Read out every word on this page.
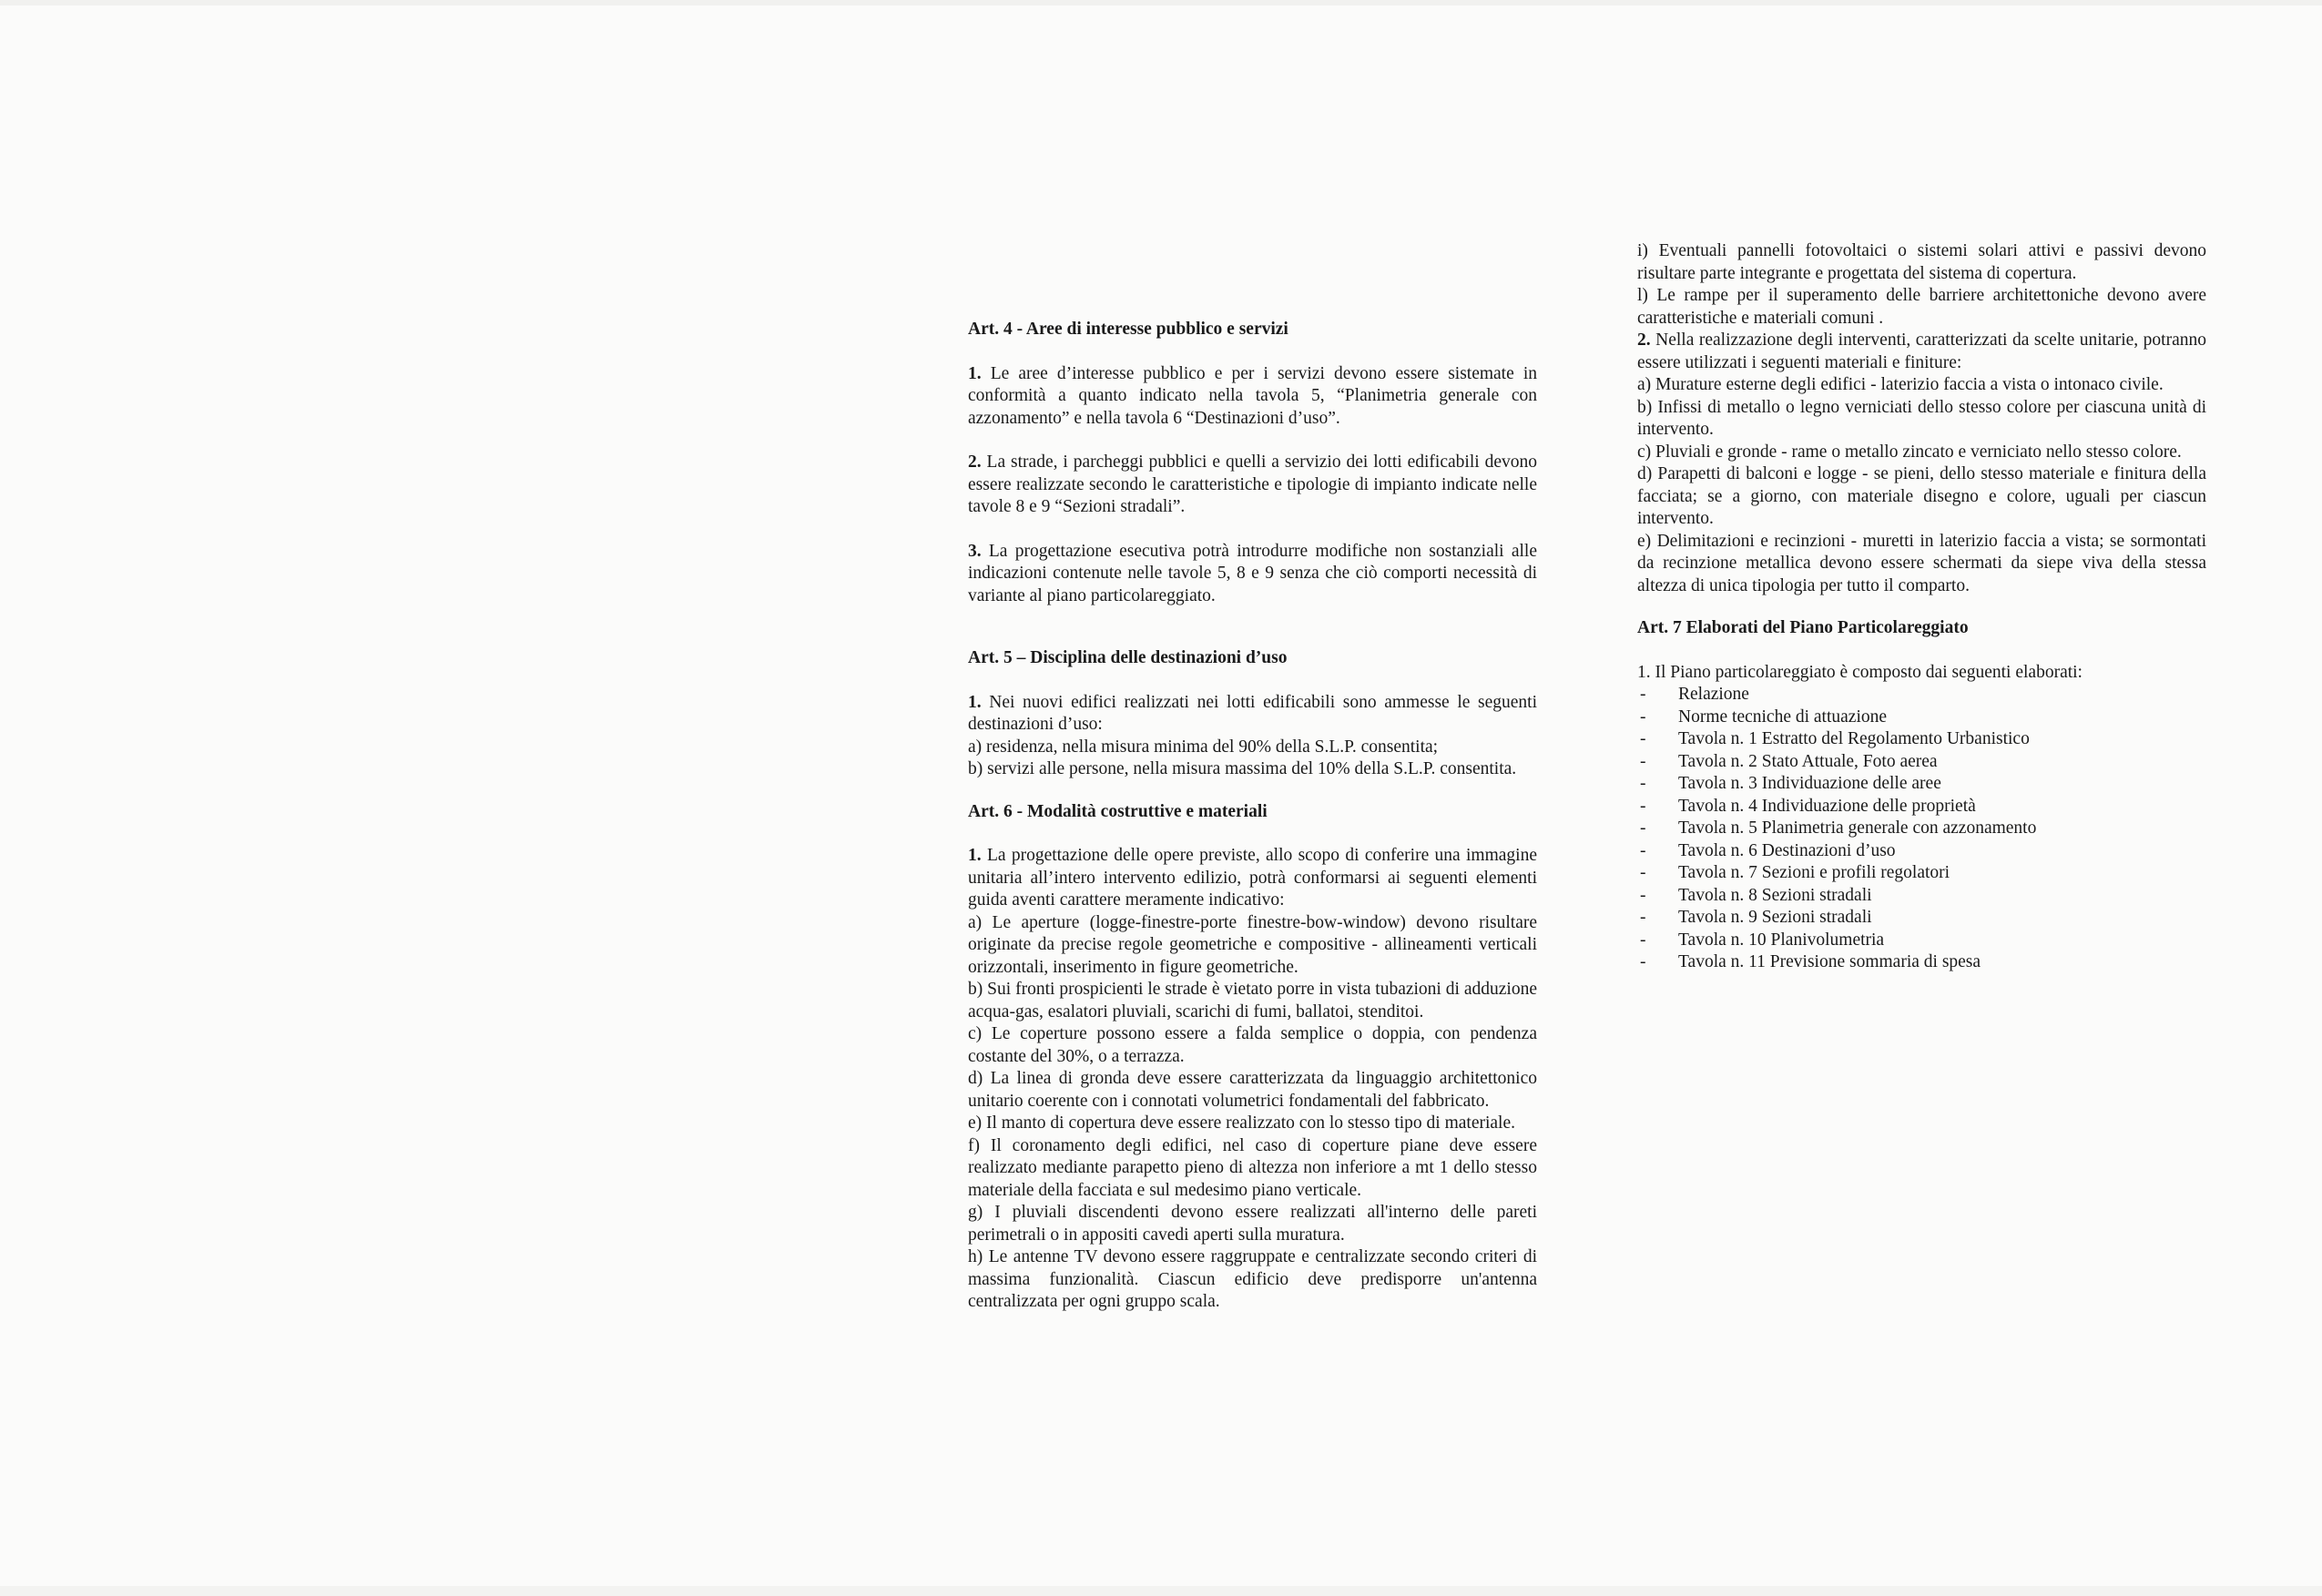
Art. 4 - Aree di interesse pubblico e servizi

1. Le aree d’interesse pubblico e per i servizi devono essere sistemate in conformità a quanto indicato nella tavola 5, “Planimetria generale con azzonamento” e nella tavola 6 “Destinazioni d’uso”.

2. La strade, i parcheggi pubblici e quelli a servizio dei lotti edificabili devono essere realizzate secondo le caratteristiche e tipologie di impianto indicate nelle tavole 8 e 9 “Sezioni stradali”.

3. La progettazione esecutiva potrà introdurre modifiche non sostanziali alle indicazioni contenute nelle tavole 5, 8 e 9 senza che ciò comporti necessità di variante al piano particolareggiato.

Art. 5 – Disciplina delle destinazioni d’uso

1. Nei nuovi edifici realizzati nei lotti edificabili sono ammesse le seguenti destinazioni d’uso:

a) residenza, nella misura minima del 90% della S.L.P. consentita;

b) servizi alle persone, nella misura massima del 10% della S.L.P. consentita.

Art. 6 - Modalità costruttive e materiali

1. La progettazione delle opere previste, allo scopo di conferire una immagine unitaria all’intero intervento edilizio, potrà conformarsi ai seguenti elementi guida aventi carattere meramente indicativo:

a) Le aperture (logge-finestre-porte finestre-bow-window) devono risultare originate da precise regole geometriche e compositive - allineamenti verticali orizzontali, inserimento in figure geometriche.

b) Sui fronti prospicienti le strade è vietato porre in vista tubazioni di adduzione acqua-gas, esalatori pluviali, scarichi di fumi, ballatoi, stenditoi.

c) Le coperture possono essere a falda semplice o doppia, con pendenza costante del 30%, o a terrazza.

d) La linea di gronda deve essere caratterizzata da linguaggio architettonico unitario coerente con i connotati volumetrici fondamentali del fabbricato.

e) Il manto di copertura deve essere realizzato con lo stesso tipo di materiale.

f) Il coronamento degli edifici, nel caso di coperture piane deve essere realizzato mediante parapetto pieno di altezza non inferiore a mt 1 dello stesso materiale della facciata e sul medesimo piano verticale.

g) I pluviali discendenti devono essere realizzati all'interno delle pareti perimetrali o in appositi cavedi aperti sulla muratura.

h) Le antenne TV devono essere raggruppate e centralizzate secondo criteri di massima funzionalità. Ciascun edificio deve predisporre un'antenna centralizzata per ogni gruppo scala.

i) Eventuali pannelli fotovoltaici o sistemi solari attivi e passivi devono risultare parte integrante e progettata del sistema di copertura.

l) Le rampe per il superamento delle barriere architettoniche devono avere caratteristiche e materiali comuni .

2. Nella realizzazione degli interventi, caratterizzati da scelte unitarie, potranno essere utilizzati i seguenti materiali e finiture:

a) Murature esterne degli edifici - laterizio faccia a vista o intonaco civile.

b) Infissi di metallo o legno verniciati dello stesso colore per ciascuna unità di intervento.

c) Pluviali e gronde - rame o metallo zincato e verniciato nello stesso colore.

d) Parapetti di balconi e logge - se pieni, dello stesso materiale e finitura della facciata; se a giorno, con materiale disegno e colore, uguali per ciascun intervento.

e) Delimitazioni e recinzioni - muretti in laterizio faccia a vista; se sormontati da recinzione metallica devono essere schermati da siepe viva della stessa altezza di unica tipologia per tutto il comparto.

Art. 7 Elaborati del Piano Particolareggiato

1. Il Piano particolareggiato è composto dai seguenti elaborati:

- Relazione
- Norme tecniche di attuazione
- Tavola n. 1 Estratto del Regolamento Urbanistico
- Tavola n. 2 Stato Attuale, Foto aerea
- Tavola n. 3 Individuazione delle aree
- Tavola n. 4 Individuazione delle proprietà
- Tavola n. 5 Planimetria generale con azzonamento
- Tavola n. 6 Destinazioni d’uso
- Tavola n. 7 Sezioni e profili regolatori
- Tavola n. 8 Sezioni stradali
- Tavola n. 9 Sezioni stradali
- Tavola n. 10 Planivolumetria
- Tavola n. 11 Previsione sommaria di spesa
